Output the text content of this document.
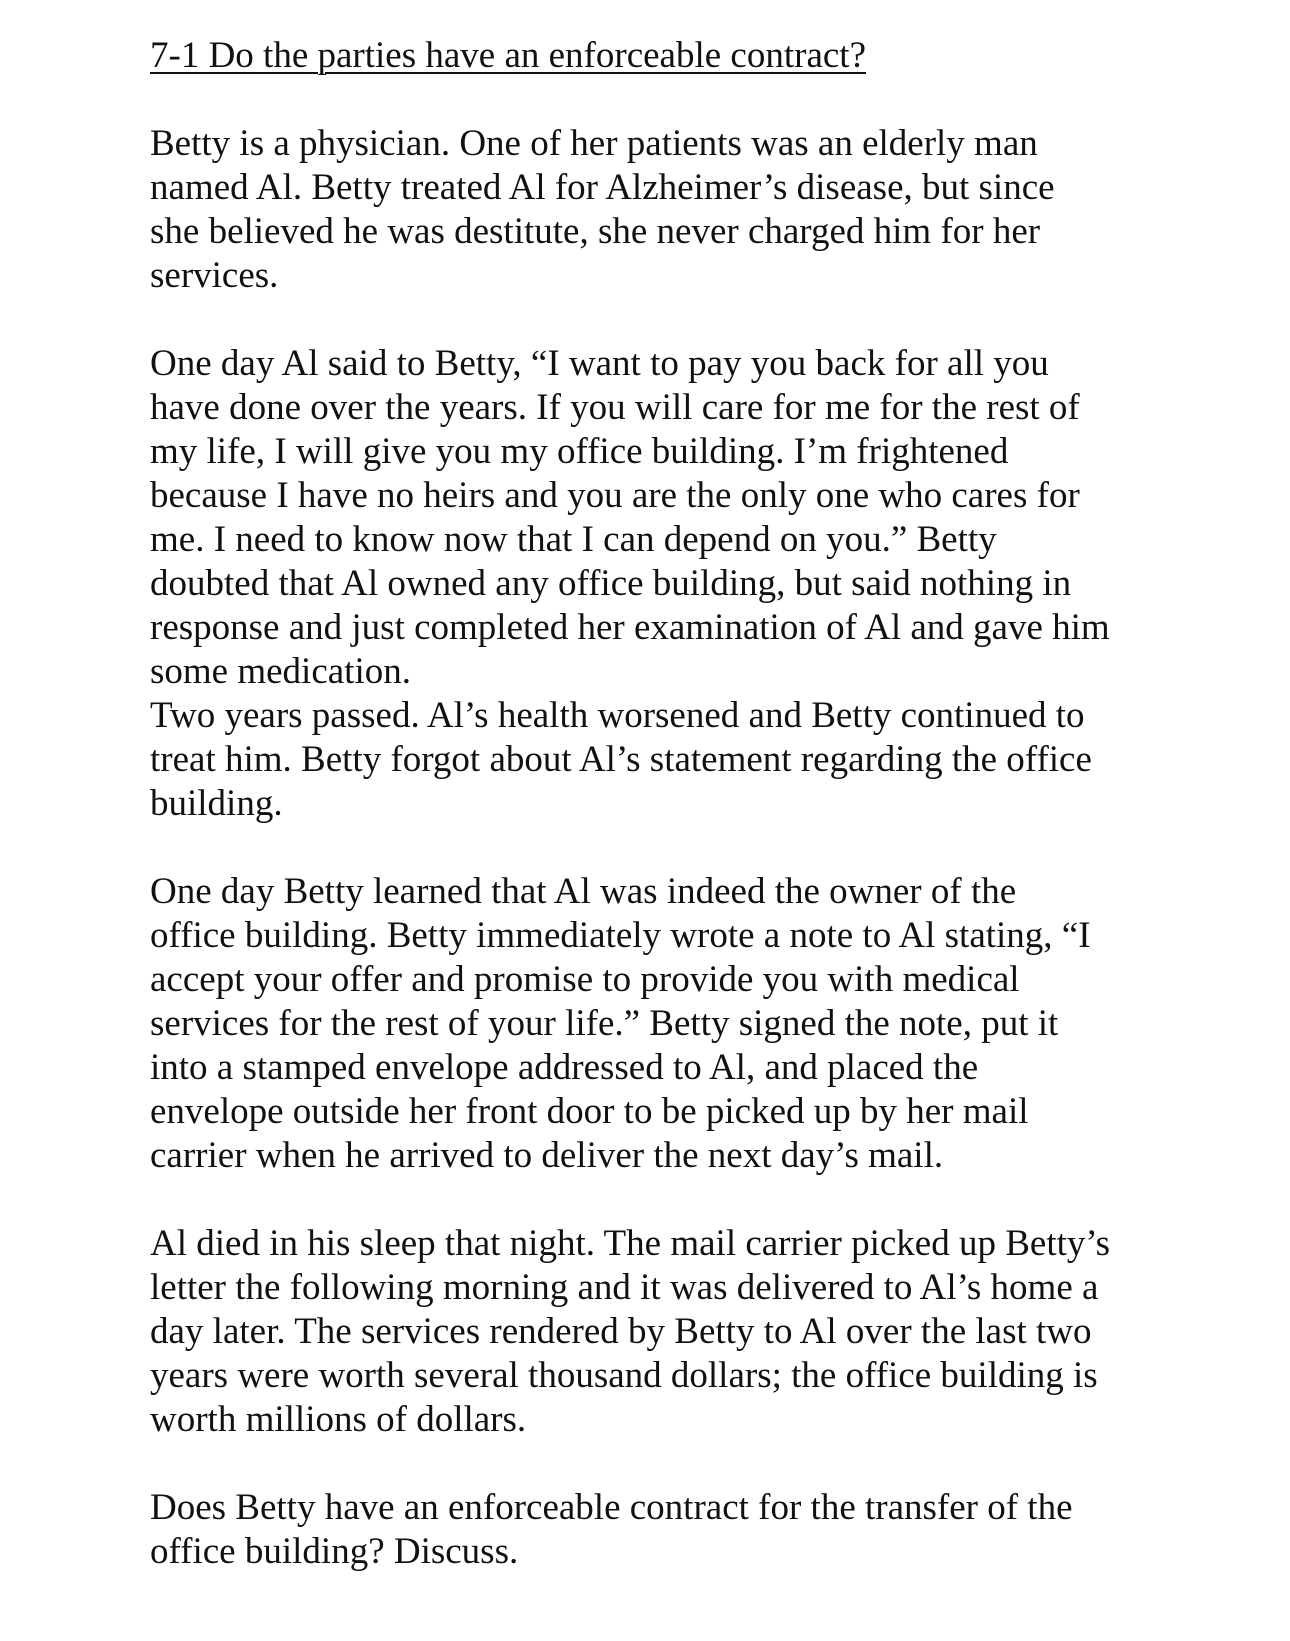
7-1 Do the parties have an enforceable contract?
Betty is a physician. One of her patients was an elderly man
named Al. Betty treated Al for Alzheimer’s disease, but since
she believed he was destitute, she never charged him for her
services.
One day Al said to Betty, “I want to pay you back for all you
have done over the years. If you will care for me for the rest of
my life, I will give you my office building. I’m frightened
because I have no heirs and you are the only one who cares for
me. I need to know now that I can depend on you.” Betty
doubted that Al owned any office building, but said nothing in
response and just completed her examination of Al and gave him
some medication.
Two years passed. Al’s health worsened and Betty continued to
treat him. Betty forgot about Al’s statement regarding the office
building.
One day Betty learned that Al was indeed the owner of the
office building. Betty immediately wrote a note to Al stating, “I
accept your offer and promise to provide you with medical
services for the rest of your life.” Betty signed the note, put it
into a stamped envelope addressed to Al, and placed the
envelope outside her front door to be picked up by her mail
carrier when he arrived to deliver the next day’s mail.
Al died in his sleep that night. The mail carrier picked up Betty’s
letter the following morning and it was delivered to Al’s home a
day later. The services rendered by Betty to Al over the last two
years were worth several thousand dollars; the office building is
worth millions of dollars.
Does Betty have an enforceable contract for the transfer of the
office building? Discuss.
